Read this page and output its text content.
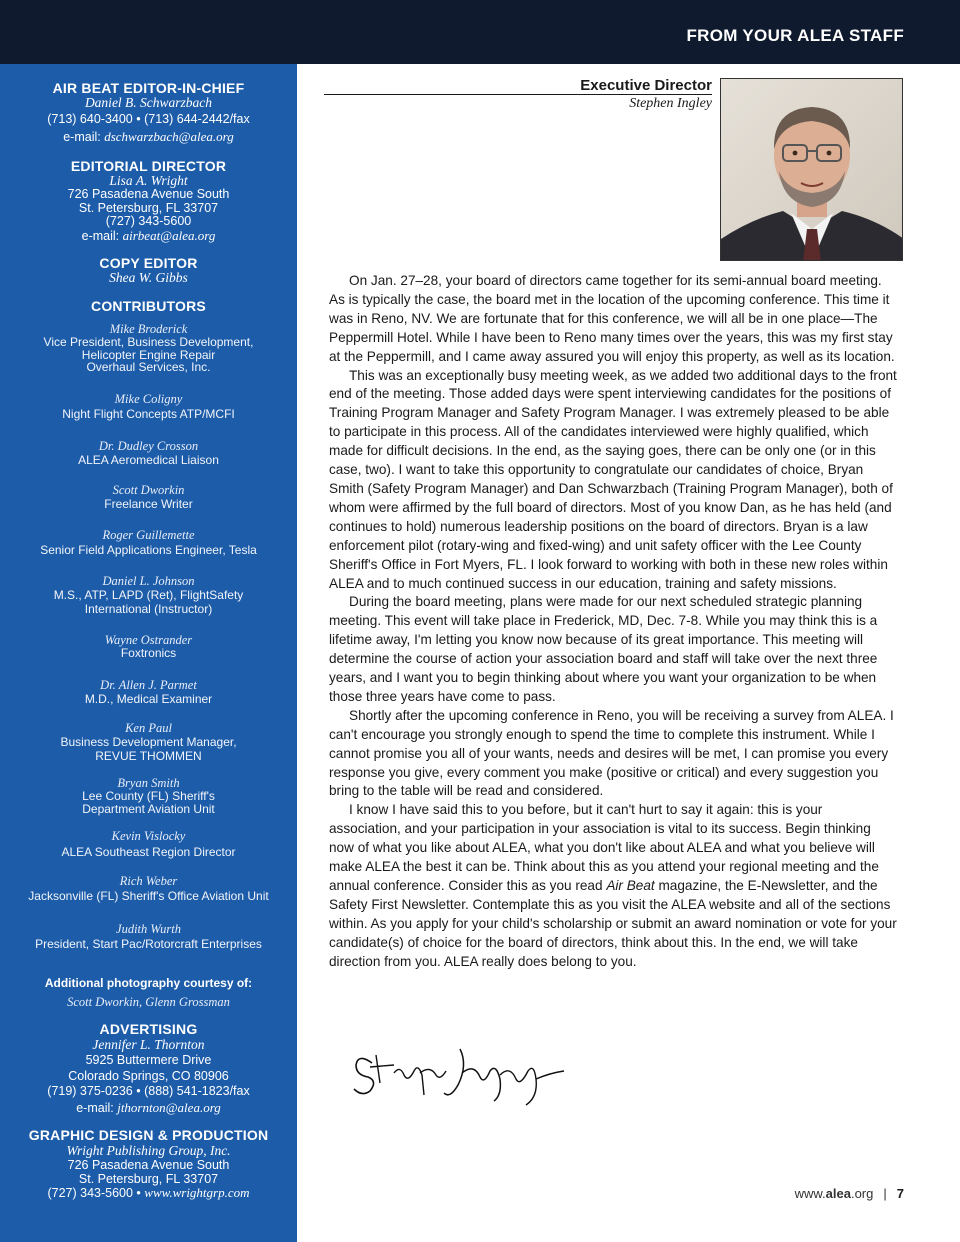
FROM YOUR ALEA STAFF
AIR BEAT EDITOR-IN-CHIEF
Daniel B. Schwarzbach
(713) 640-3400 • (713) 644-2442/fax
e-mail: dschwarzbach@alea.org
EDITORIAL DIRECTOR
Lisa A. Wright
726 Pasadena Avenue South
St. Petersburg, FL 33707
(727) 343-5600
e-mail: airbeat@alea.org
COPY EDITOR
Shea W. Gibbs
CONTRIBUTORS
Mike Broderick
Vice President, Business Development,
Helicopter Engine Repair
Overhaul Services, Inc.
Mike Coligny
Night Flight Concepts ATP/MCFI
Dr. Dudley Crosson
ALEA Aeromedical Liaison
Scott Dworkin
Freelance Writer
Roger Guillemette
Senior Field Applications Engineer, Tesla
Daniel L. Johnson
M.S., ATP, LAPD (Ret), FlightSafety
International (Instructor)
Wayne Ostrander
Foxtronics
Dr. Allen J. Parmet
M.D., Medical Examiner
Ken Paul
Business Development Manager,
REVUE THOMMEN
Bryan Smith
Lee County (FL) Sheriff's
Department Aviation Unit
Kevin Vislocky
ALEA Southeast Region Director
Rich Weber
Jacksonville (FL) Sheriff's Office Aviation Unit
Judith Wurth
President, Start Pac/Rotorcraft Enterprises
Additional photography courtesy of:
Scott Dworkin, Glenn Grossman
ADVERTISING
Jennifer L. Thornton
5925 Buttermere Drive
Colorado Springs, CO 80906
(719) 375-0236 • (888) 541-1823/fax
e-mail: jthornton@alea.org
GRAPHIC DESIGN & PRODUCTION
Wright Publishing Group, Inc.
726 Pasadena Avenue South
St. Petersburg, FL 33707
(727) 343-5600 • www.wrightgrp.com
Executive Director
Stephen Ingley

On Jan. 27–28, your board of directors came together for its semi-annual board meeting. As is typically the case, the board met in the location of the upcoming conference. This time it was in Reno, NV. We are fortunate that for this conference, we will all be in one place—The Peppermill Hotel. While I have been to Reno many times over the years, this was my first stay at the Peppermill, and I came away assured you will enjoy this property, as well as its location.

This was an exceptionally busy meeting week, as we added two additional days to the front end of the meeting. Those added days were spent interviewing candidates for the positions of Training Program Manager and Safety Program Manager. I was extremely pleased to be able to participate in this process. All of the candidates interviewed were highly qualified, which made for difficult decisions. In the end, as the saying goes, there can be only one (or in this case, two). I want to take this opportunity to congratulate our candidates of choice, Bryan Smith (Safety Program Manager) and Dan Schwarzbach (Training Program Manager), both of whom were affirmed by the full board of directors. Most of you know Dan, as he has held (and continues to hold) numerous leadership positions on the board of directors. Bryan is a law enforcement pilot (rotary-wing and fixed-wing) and unit safety officer with the Lee County Sheriff's Office in Fort Myers, FL. I look forward to working with both in these new roles within ALEA and to much continued success in our education, training and safety missions.

During the board meeting, plans were made for our next scheduled strategic planning meeting. This event will take place in Frederick, MD, Dec. 7-8. While you may think this is a lifetime away, I'm letting you know now because of its great importance. This meeting will determine the course of action your association board and staff will take over the next three years, and I want you to begin thinking about where you want your organization to be when those three years have come to pass.

Shortly after the upcoming conference in Reno, you will be receiving a survey from ALEA. I can't encourage you strongly enough to spend the time to complete this instrument. While I cannot promise you all of your wants, needs and desires will be met, I can promise you every response you give, every comment you make (positive or critical) and every suggestion you bring to the table will be read and considered.

I know I have said this to you before, but it can't hurt to say it again: this is your association, and your participation in your association is vital to its success. Begin thinking now of what you like about ALEA, what you don't like about ALEA and what you believe will make ALEA the best it can be. Think about this as you attend your regional meeting and the annual conference. Consider this as you read Air Beat magazine, the E-Newsletter, and the Safety First Newsletter. Contemplate this as you visit the ALEA website and all of the sections within. As you apply for your child's scholarship or submit an award nomination or vote for your candidate(s) of choice for the board of directors, think about this. In the end, we will take direction from you. ALEA really does belong to you.

www.alea.org | 7
